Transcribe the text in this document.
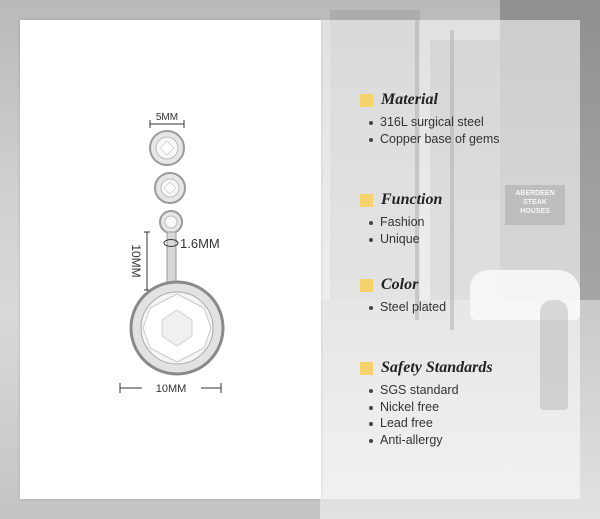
5MM
1.6MM
10MM
10MM
Material
316L surgical steel
Copper base of gems
Function
Fashion
Unique
Color
Steel plated
Safety Standards
SGS standard
Nickel free
Lead free
Anti-allergy
